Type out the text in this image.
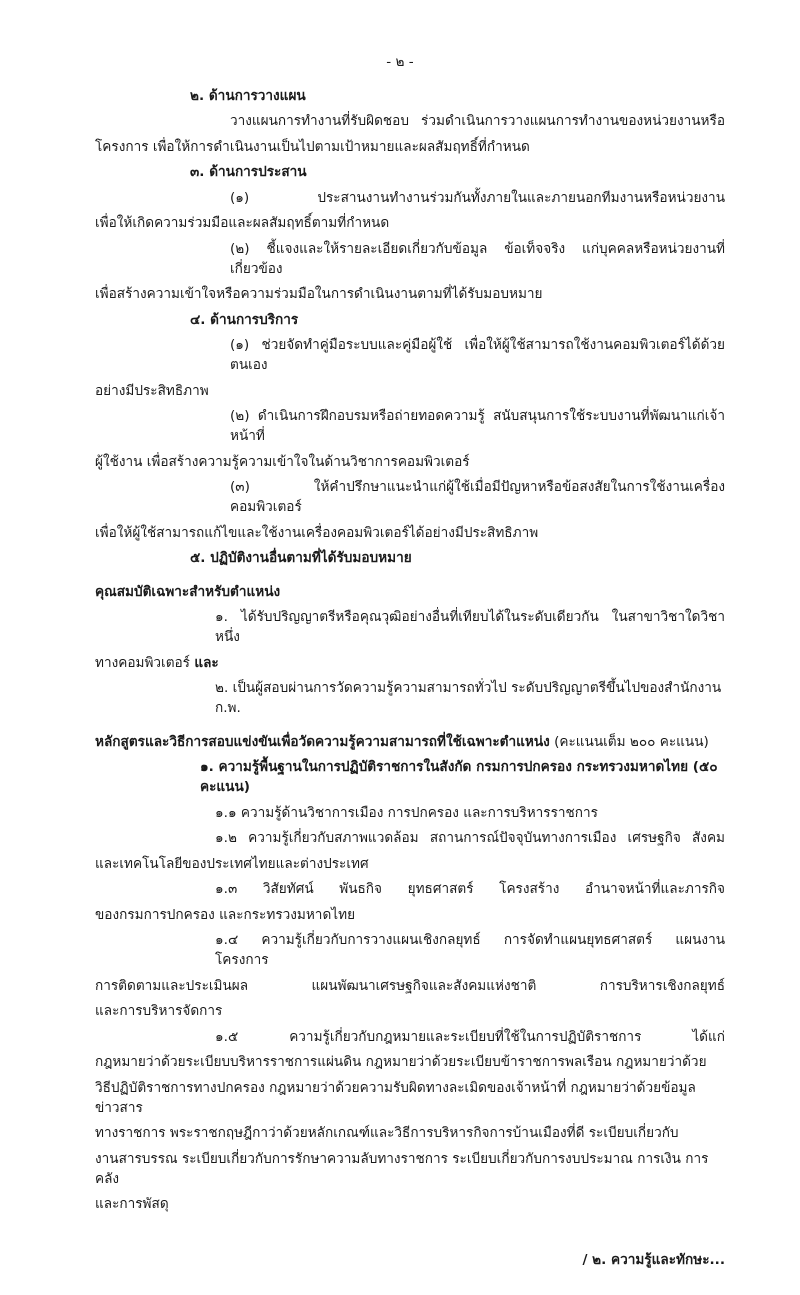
- ๒ -
๒. ด้านการวางแผน
วางแผนการทำงานที่รับผิดชอบ ร่วมดำเนินการวางแผนการทำงานของหน่วยงานหรือ
โครงการ เพื่อให้การดำเนินงานเป็นไปตามเป้าหมายและผลสัมฤทธิ์ที่กำหนด
๓. ด้านการประสาน
(๑) ประสานงานทำงานร่วมกันทั้งภายในและภายนอกทีมงานหรือหน่วยงาน
เพื่อให้เกิดความร่วมมือและผลสัมฤทธิ์ตามที่กำหนด
(๒) ชี้แจงและให้รายละเอียดเกี่ยวกับข้อมูล ข้อเท็จจริง แก่บุคคลหรือหน่วยงานที่เกี่ยวข้อง
เพื่อสร้างความเข้าใจหรือความร่วมมือในการดำเนินงานตามที่ได้รับมอบหมาย
๔. ด้านการบริการ
(๑) ช่วยจัดทำคู่มือระบบและคู่มือผู้ใช้ เพื่อให้ผู้ใช้สามารถใช้งานคอมพิวเตอร์ได้ด้วยตนเอง
อย่างมีประสิทธิภาพ
(๒) ดำเนินการฝึกอบรมหรือถ่ายทอดความรู้ สนับสนุนการใช้ระบบงานที่พัฒนาแก่เจ้าหน้าที่
ผู้ใช้งาน เพื่อสร้างความรู้ความเข้าใจในด้านวิชาการคอมพิวเตอร์
(๓) ให้คำปรึกษาแนะนำแก่ผู้ใช้เมื่อมีปัญหาหรือข้อสงสัยในการใช้งานเครื่องคอมพิวเตอร์
เพื่อให้ผู้ใช้สามารถแก้ไขและใช้งานเครื่องคอมพิวเตอร์ได้อย่างมีประสิทธิภาพ
๕. ปฏิบัติงานอื่นตามที่ได้รับมอบหมาย
คุณสมบัติเฉพาะสำหรับตำแหน่ง
๑. ได้รับปริญญาตรีหรือคุณวุฒิอย่างอื่นที่เทียบได้ในระดับเดียวกัน ในสาขาวิชาใดวิชาหนึ่ง
ทางคอมพิวเตอร์ และ
๒. เป็นผู้สอบผ่านการวัดความรู้ความสามารถทั่วไป ระดับปริญญาตรีขึ้นไปของสำนักงาน ก.พ.
หลักสูตรและวิธีการสอบแข่งขันเพื่อวัดความรู้ความสามารถที่ใช้เฉพาะตำแหน่ง (คะแนนเต็ม ๒๐๐ คะแนน)
๑. ความรู้พื้นฐานในการปฏิบัติราชการในสังกัด กรมการปกครอง กระทรวงมหาดไทย (๕๐ คะแนน)
๑.๑ ความรู้ด้านวิชาการเมือง การปกครอง และการบริหารราชการ
๑.๒ ความรู้เกี่ยวกับสภาพแวดล้อม สถานการณ์ปัจจุบันทางการเมือง เศรษฐกิจ สังคม
และเทคโนโลยีของประเทศไทยและต่างประเทศ
๑.๓ วิสัยทัศน์ พันธกิจ ยุทธศาสตร์ โครงสร้าง อำนาจหน้าที่และภารกิจ
ของกรมการปกครอง และกระทรวงมหาดไทย
๑.๔ ความรู้เกี่ยวกับการวางแผนเชิงกลยุทธ์ การจัดทำแผนยุทธศาสตร์ แผนงาน โครงการ
การติดตามและประเมินผล แผนพัฒนาเศรษฐกิจและสังคมแห่งชาติ การบริหารเชิงกลยุทธ์
และการบริหารจัดการ
๑.๕ ความรู้เกี่ยวกับกฎหมายและระเบียบที่ใช้ในการปฏิบัติราชการ ได้แก่
กฎหมายว่าด้วยระเบียบบริหารราชการแผ่นดิน กฎหมายว่าด้วยระเบียบข้าราชการพลเรือน กฎหมายว่าด้วย
วิธีปฏิบัติราชการทางปกครอง กฎหมายว่าด้วยความรับผิดทางละเมิดของเจ้าหน้าที่ กฎหมายว่าด้วยข้อมูลข่าวสาร
ทางราชการ พระราชกฤษฎีกาว่าด้วยหลักเกณฑ์และวิธีการบริหารกิจการบ้านเมืองที่ดี ระเบียบเกี่ยวกับ
งานสารบรรณ ระเบียบเกี่ยวกับการรักษาความลับทางราชการ ระเบียบเกี่ยวกับการงบประมาณ การเงิน การคลัง
และการพัสดุ
/ ๒. ความรู้และทักษะ...
